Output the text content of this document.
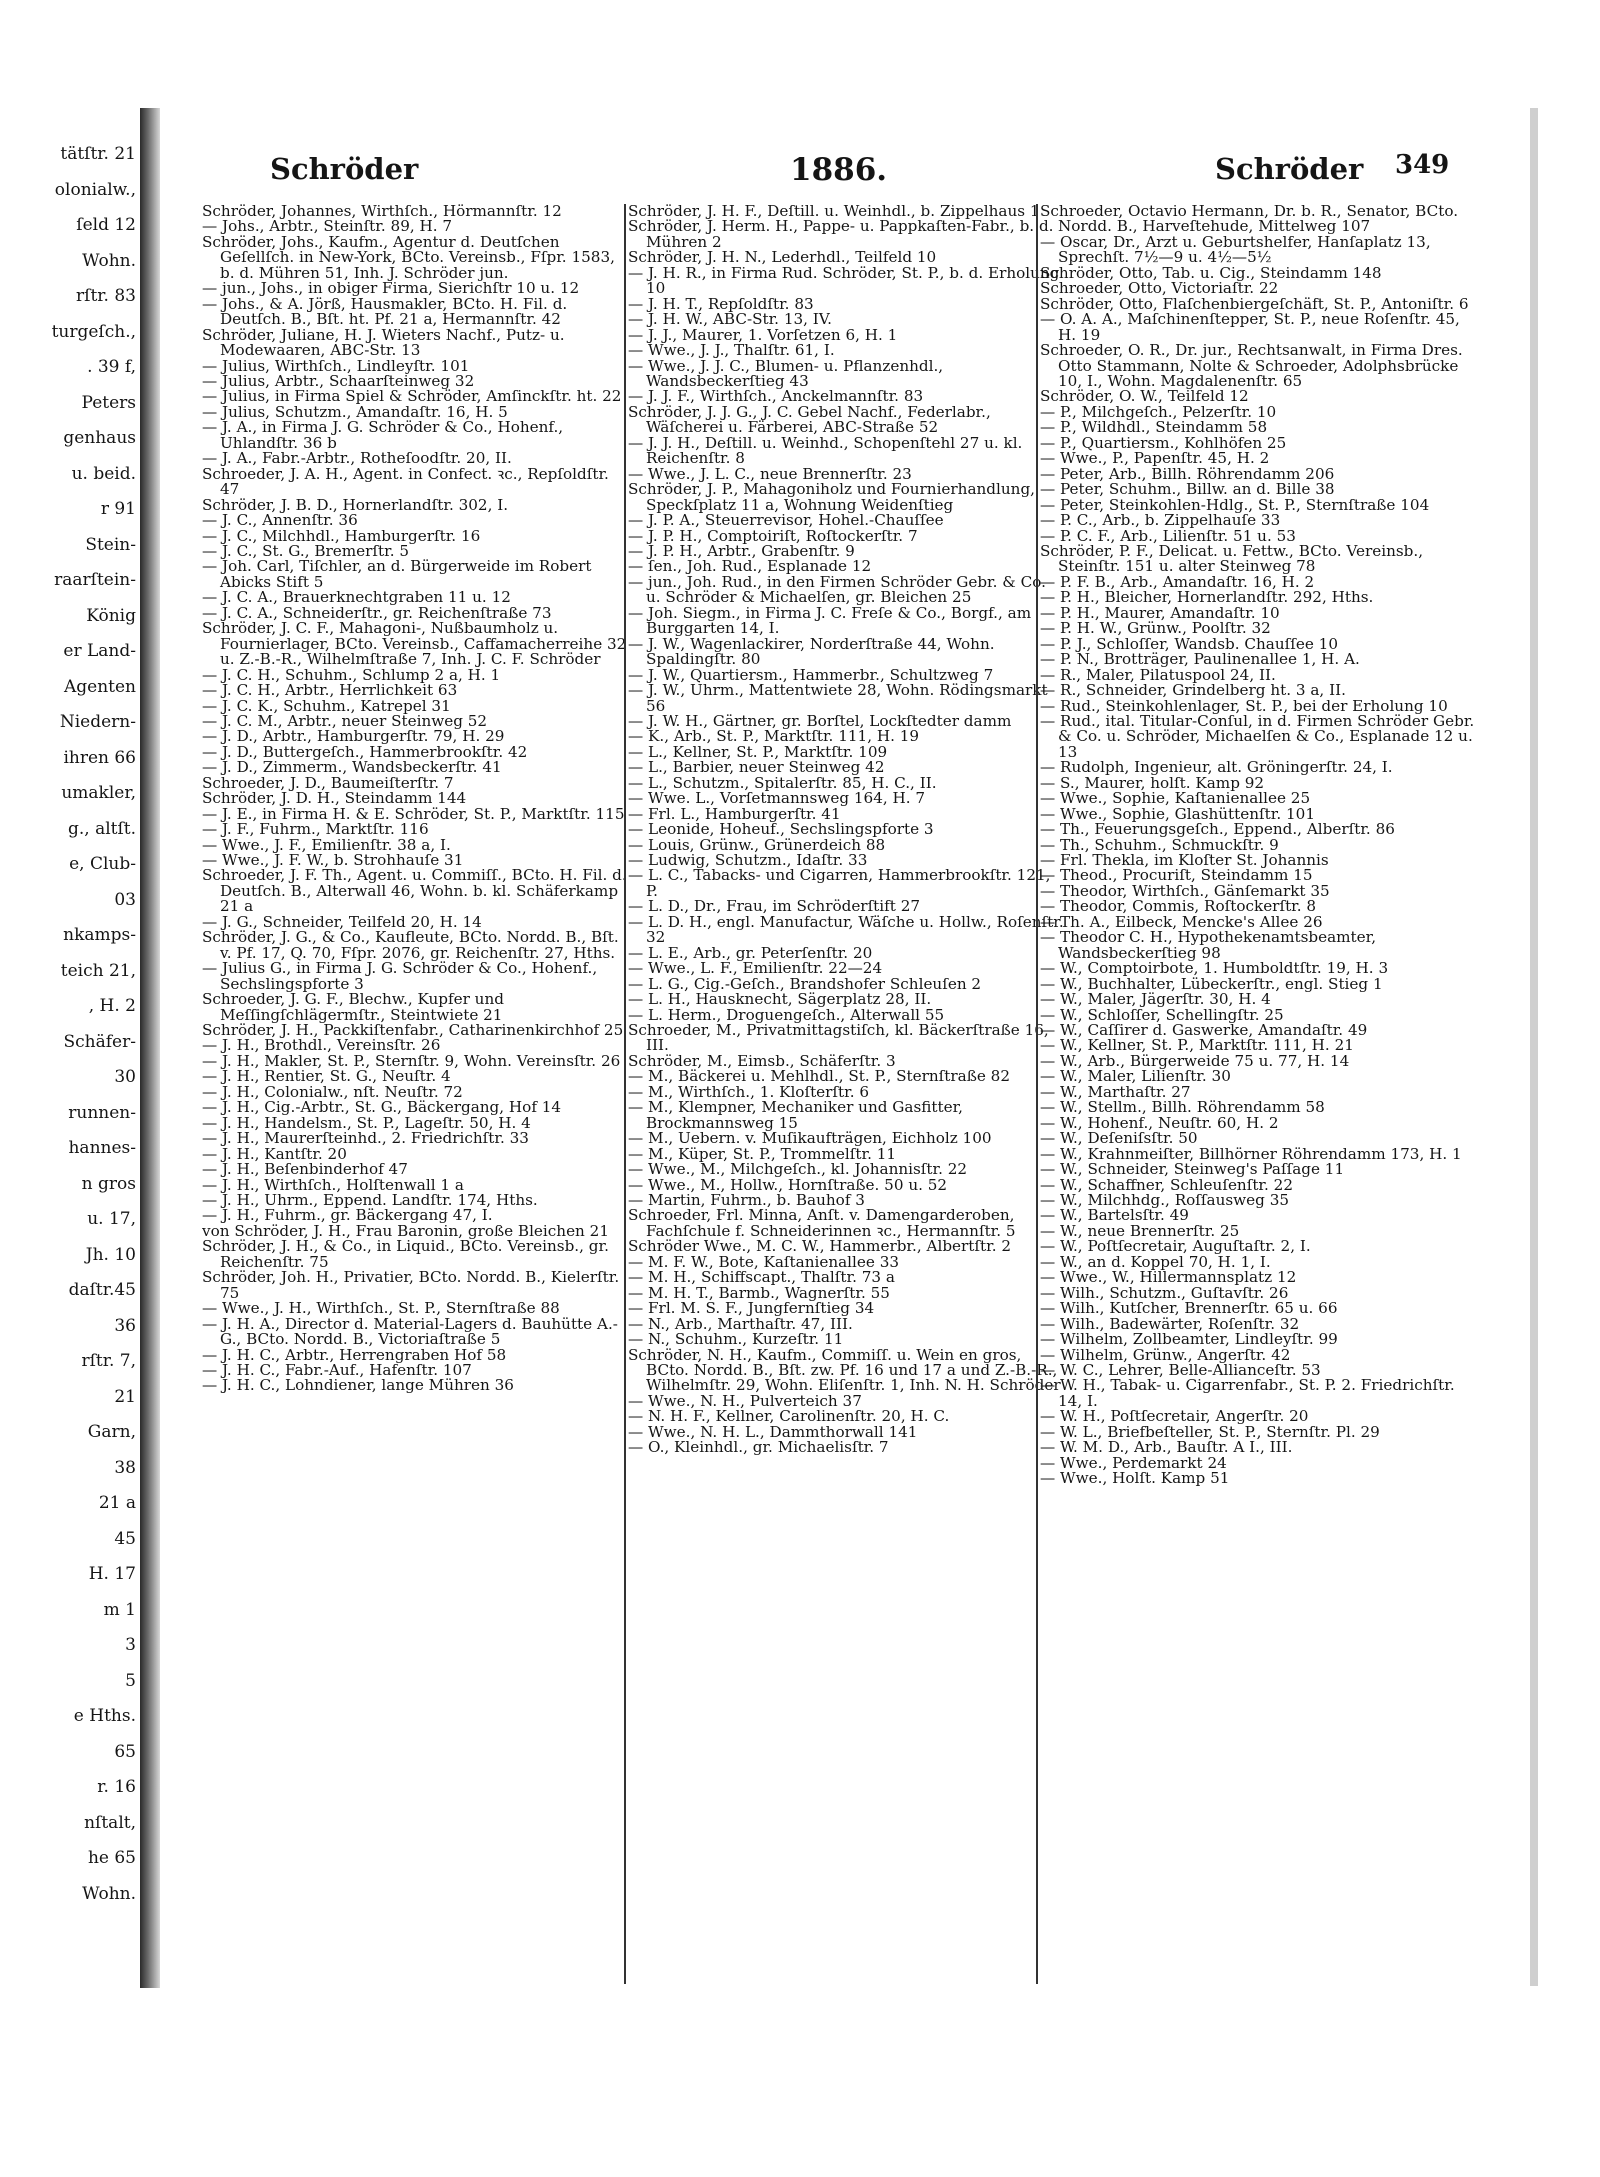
tätſtr. 21
olonialw.,
ſeld 12
Wohn.
rſtr. 83
turgeſch.,
. 39 f,
Peters
genhaus
u. beid.
r 91
Stein-
raarſtein-
König
er Land-
Agenten
Niedern-
ihren 66
umakler,
g., altſt.
e, Club-
03
nkamps-
teich 21,
, H. 2
Schäfer-
30
runnen-
hannes-
n gros
u. 17,
Jh. 10
daſtr.45
36
rſtr. 7,
21
Garn,
38
21 a
45
H. 17
m 1
3
5
e Hths.
65
r. 16
nſtalt,
he 65
Wohn.
Schröder	1886.	Schröder 349

Schröder, Johannes, Wirthſch., Hörmannſtr. 12

— Johs., Arbtr., Steinſtr. 89, H. 7

Schröder, Johs., Kaufm., Agentur d. Deutſchen Geſellſch. in New-York, BCto. Vereinsb., Fſpr. 1583, b. d. Mühren 51, Inh. J. Schröder jun.

— jun., Johs., in obiger Firma, Sierichſtr 10 u. 12

— Johs., & A. Jörß, Hausmakler, BCto. H. Fil. d. Deutſch. B., Bſt. ht. Pf. 21 a, Hermannſtr. 42

Schröder, Juliane, H. J. Wieters Nachf., Putz- u. Modewaaren, ABC-Str. 13

— Julius, Wirthſch., Lindleyſtr. 101

— Julius, Arbtr., Schaarſteinweg 32

— Julius, in Firma Spiel & Schröder, Amſinckſtr. ht. 22

— Julius, Schutzm., Amandaſtr. 16, H. 5

— J. A., in Firma J. G. Schröder & Co., Hohenf., Uhlandſtr. 36 b

— J. A., Fabr.-Arbtr., Rotheſoodſtr. 20, II.

Schroeder, J. A. H., Agent. in Confect. ꝛc., Repſoldſtr. 47

Schröder, J. B. D., Hornerlandſtr. 302, I.

— J. C., Annenſtr. 36

— J. C., Milchhdl., Hamburgerſtr. 16

— J. C., St. G., Bremerſtr. 5

— Joh. Carl, Tiſchler, an d. Bürgerweide im Robert Abicks Stift 5

— J. C. A., Brauerknechtgraben 11 u. 12

— J. C. A., Schneiderſtr., gr. Reichenſtraße 73

Schröder, J. C. F., Mahagoni-, Nußbaumholz u. Fournierlager, BCto. Vereinsb., Caffamacherreihe 32 u. Z.-B.-R., Wilhelmſtraße 7, Inh. J. C. F. Schröder

— J. C. H., Schuhm., Schlump 2 a, H. 1

— J. C. H., Arbtr., Herrlichkeit 63

— J. C. K., Schuhm., Katrepel 31

— J. C. M., Arbtr., neuer Steinweg 52

— J. D., Arbtr., Hamburgerſtr. 79, H. 29

— J. D., Buttergeſch., Hammerbrookſtr. 42

— J. D., Zimmerm., Wandsbeckerſtr. 41

Schroeder, J. D., Baumeiſterſtr. 7

Schröder, J. D. H., Steindamm 144

— J. E., in Firma H. & E. Schröder, St. P., Marktſtr. 115

— J. F., Fuhrm., Marktſtr. 116

— Wwe., J. F., Emilienſtr. 38 a, I.

— Wwe., J. F. W., b. Strohhauſe 31

Schroeder, J. F. Th., Agent. u. Commiſſ., BCto. H. Fil. d. Deutſch. B., Alterwall 46, Wohn. b. kl. Schäferkamp 21 a

— J. G., Schneider, Teilfeld 20, H. 14

Schröder, J. G., & Co., Kaufleute, BCto. Nordd. B., Bſt. v. Pf. 17, Q. 70, Fſpr. 2076, gr. Reichenſtr. 27, Hths.

— Julius G., in Firma J. G. Schröder & Co., Hohenf., Sechslingspforte 3

Schroeder, J. G. F., Blechw., Kupfer und Meſſingſchlägermſtr., Steintwiete 21

Schröder, J. H., Packkiſtenfabr., Catharinenkirchhof 25

— J. H., Brothdl., Vereinsſtr. 26

— J. H., Makler, St. P., Sternſtr. 9, Wohn. Vereinsſtr. 26

— J. H., Rentier, St. G., Neuſtr. 4

— J. H., Colonialw., nſt. Neuſtr. 72

— J. H., Cig.-Arbtr., St. G., Bäckergang, Hof 14

— J. H., Handelsm., St. P., Lageſtr. 50, H. 4

— J. H., Maurerſteinhd., 2. Friedrichſtr. 33

— J. H., Kantſtr. 20

— J. H., Beſenbinderhof 47

— J. H., Wirthſch., Holſtenwall 1 a

— J. H., Uhrm., Eppend. Landſtr. 174, Hths.

— J. H., Fuhrm., gr. Bäckergang 47, I.

von Schröder, J. H., Frau Baronin, große Bleichen 21

Schröder, J. H., & Co., in Liquid., BCto. Vereinsb., gr. Reichenſtr. 75

Schröder, Joh. H., Privatier, BCto. Nordd. B., Kielerſtr. 75

— Wwe., J. H., Wirthſch., St. P., Sternſtraße 88

— J. H. A., Director d. Material-Lagers d. Bauhütte A.-G., BCto. Nordd. B., Victoriaſtraße 5

— J. H. C., Arbtr., Herrengraben Hof 58

— J. H. C., Fabr.-Auf., Hafenſtr. 107

— J. H. C., Lohndiener, lange Mühren 36

Schröder, J. H. F., Deſtill. u. Weinhdl., b. Zippelhaus 1

Schröder, J. Herm. H., Pappe- u. Pappkaſten-Fabr., b. d. Mühren 2

Schröder, J. H. N., Lederhdl., Teilfeld 10

— J. H. R., in Firma Rud. Schröder, St. P., b. d. Erholung 10

— J. H. T., Repſoldſtr. 83

— J. H. W., ABC-Str. 13, IV.

— J. J., Maurer, 1. Vorſetzen 6, H. 1

— Wwe., J. J., Thalſtr. 61, I.

— Wwe., J. J. C., Blumen- u. Pflanzenhdl., Wandsbeckerſtieg 43

— J. J. F., Wirthſch., Anckelmannſtr. 83

Schröder, J. J. G., J. C. Gebel Nachf., Federlabr., Wäſcherei u. Färberei, ABC-Straße 52

— J. J. H., Deſtill. u. Weinhd., Schopenſtehl 27 u. kl. Reichenſtr. 8

— Wwe., J. L. C., neue Brennerſtr. 23

Schröder, J. P., Mahagoniholz und Fournierhandlung, Speckſplatz 11 a, Wohnung Weidenſtieg

— J. P. A., Steuerrevisor, Hohel.-Chauſſee

— J. P. H., Comptoiriſt, Roſtockerſtr. 7

— J. P. H., Arbtr., Grabenſtr. 9

— ſen., Joh. Rud., Esplanade 12

— jun., Joh. Rud., in den Firmen Schröder Gebr. & Co. u. Schröder & Michaelſen, gr. Bleichen 25

— Joh. Siegm., in Firma J. C. Freſe & Co., Borgf., am Burggarten 14, I.

— J. W., Wagenlackirer, Norderſtraße 44, Wohn. Spaldingſtr. 80

— J. W., Quartiersm., Hammerbr., Schultzweg 7

— J. W., Uhrm., Mattentwiete 28, Wohn. Rödingsmarkt 56

— J. W. H., Gärtner, gr. Borſtel, Lockſtedter damm

— K., Arb., St. P., Marktſtr. 111, H. 19

— L., Kellner, St. P., Marktſtr. 109

— L., Barbier, neuer Steinweg 42

— L., Schutzm., Spitalerſtr. 85, H. C., II.

— Wwe. L., Vorſetmannsweg 164, H. 7

— Frl. L., Hamburgerſtr. 41

— Leonide, Hoheuf., Sechslingspforte 3

— Louis, Grünw., Grünerdeich 88

— Ludwig, Schutzm., Idaſtr. 33

— L. C., Tabacks- und Cigarren, Hammerbrookſtr. 121, P.

— L. D., Dr., Frau, im Schröderſtift 27

— L. D. H., engl. Manufactur, Wäſche u. Hollw., Roſenſtr. 32

— L. E., Arb., gr. Peterſenſtr. 20

— Wwe., L. F., Emilienſtr. 22—24

— L. G., Cig.-Geſch., Brandshofer Schleuſen 2

— L. H., Hausknecht, Sägerplatz 28, II.

— L. Herm., Droguengeſch., Alterwall 55

Schroeder, M., Privatmittagstiſch, kl. Bäckerſtraße 16, III.

Schröder, M., Eimsb., Schäferſtr. 3

— M., Bäckerei u. Mehlhdl., St. P., Sternſtraße 82

— M., Wirthſch., 1. Kloſterſtr. 6

— M., Klempner, Mechaniker und Gasfitter, Brockmannsweg 15

— M., Uebern. v. Muſikaufträgen, Eichholz 100

— M., Küper, St. P., Trommelſtr. 11

— Wwe., M., Milchgeſch., kl. Johannisſtr. 22

— Wwe., M., Hollw., Hornſtraße. 50 u. 52

— Martin, Fuhrm., b. Bauhof 3

Schroeder, Frl. Minna, Anſt. v. Damengarderoben, Fachſchule f. Schneiderinnen ꝛc., Hermannſtr. 5

Schröder Wwe., M. C. W., Hammerbr., Albertſtr. 2

— M. F. W., Bote, Kaſtanienallee 33

— M. H., Schiffscapt., Thalſtr. 73 a

— M. H. T., Barmb., Wagnerſtr. 55

— Frl. M. S. F., Jungfernſtieg 34

— N., Arb., Marthaſtr. 47, III.

— N., Schuhm., Kurzeſtr. 11

Schröder, N. H., Kaufm., Commiſſ. u. Wein en gros, BCto. Nordd. B., Bſt. zw. Pf. 16 und 17 a und Z.-B.-R., Wilhelmſtr. 29, Wohn. Eliſenſtr. 1, Inh. N. H. Schröder

— Wwe., N. H., Pulverteich 37

— N. H. F., Kellner, Carolinenſtr. 20, H. C.

— Wwe., N. H. L., Dammthorwall 141

— O., Kleinhdl., gr. Michaelisſtr. 7

Schroeder, Octavio Hermann, Dr. b. R., Senator, BCto. Nordd. B., Harveſtehude, Mittelweg 107

— Oscar, Dr., Arzt u. Geburtshelfer, Hanſaplatz 13, Sprechſt. 7½—9 u. 4½—5½

Schröder, Otto, Tab. u. Cig., Steindamm 148

Schroeder, Otto, Victoriaſtr. 22

Schröder, Otto, Flaſchenbiergeſchäft, St. P., Antoniſtr. 6

— O. A. A., Maſchinenſtepper, St. P., neue Roſenſtr. 45, H. 19

Schroeder, O. R., Dr. jur., Rechtsanwalt, in Firma Dres. Otto Stammann, Nolte & Schroeder, Adolphsbrücke 10, I., Wohn. Magdalenenſtr. 65

Schröder, O. W., Teilfeld 12

— P., Milchgeſch., Pelzerſtr. 10

— P., Wildhdl., Steindamm 58

— P., Quartiersm., Kohlhöfen 25

— Wwe., P., Papenſtr. 45, H. 2

— Peter, Arb., Billh. Röhrendamm 206

— Peter, Schuhm., Billw. an d. Bille 38

— Peter, Steinkohlen-Hdlg., St. P., Sternſtraße 104

— P. C., Arb., b. Zippelhauſe 33

— P. C. F., Arb., Lilienſtr. 51 u. 53

Schröder, P. F., Delicat. u. Fettw., BCto. Vereinsb., Steinſtr. 151 u. alter Steinweg 78

— P. F. B., Arb., Amandaſtr. 16, H. 2

— P. H., Bleicher, Hornerlandſtr. 292, Hths.

— P. H., Maurer, Amandaſtr. 10

— P. H. W., Grünw., Poolſtr. 32

— P. J., Schloſſer, Wandsb. Chauſſee 10

— P. N., Brotträger, Paulinenallee 1, H. A.

— R., Maler, Pilatuspool 24, II.

— R., Schneider, Grindelberg ht. 3 a, II.

— Rud., Steinkohlenlager, St. P., bei der Erholung 10

— Rud., ital. Titular-Conſul, in d. Firmen Schröder Gebr. & Co. u. Schröder, Michaelſen & Co., Esplanade 12 u. 13

— Rudolph, Ingenieur, alt. Gröningerſtr. 24, I.

— S., Maurer, holſt. Kamp 92

— Wwe., Sophie, Kaſtanienallee 25

— Wwe., Sophie, Glashüttenſtr. 101

— Th., Feuerungsgeſch., Eppend., Alberſtr. 86

— Th., Schuhm., Schmuckſtr. 9

— Frl. Thekla, im Kloſter St. Johannis

— Theod., Procuriſt, Steindamm 15

— Theodor, Wirthſch., Gänſemarkt 35

— Theodor, Commis, Roſtockerſtr. 8

— Th. A., Eilbeck, Mencke's Allee 26

— Theodor C. H., Hypothekenamtsbeamter, Wandsbeckerſtieg 98

— W., Comptoirbote, 1. Humboldtſtr. 19, H. 3

— W., Buchhalter, Lübeckerſtr., engl. Stieg 1

— W., Maler, Jägerſtr. 30, H. 4

— W., Schloſſer, Schellingſtr. 25

— W., Caſſirer d. Gaswerke, Amandaſtr. 49

— W., Kellner, St. P., Marktſtr. 111, H. 21

— W., Arb., Bürgerweide 75 u. 77, H. 14

— W., Maler, Lilienſtr. 30

— W., Marthaſtr. 27

— W., Stellm., Billh. Röhrendamm 58

— W., Hohenf., Neuſtr. 60, H. 2

— W., Deſeniſsſtr. 50

— W., Krahnmeiſter, Billhörner Röhrendamm 173, H. 1

— W., Schneider, Steinweg's Paſſage 11

— W., Schaffner, Schleuſenſtr. 22

— W., Milchhdg., Roſſausweg 35

— W., Bartelsſtr. 49

— W., neue Brennerſtr. 25

— W., Poſtſecretair, Auguſtaſtr. 2, I.

— W., an d. Koppel 70, H. 1, I.

— Wwe., W., Hillermannsplatz 12

— Wilh., Schutzm., Guſtavſtr. 26

— Wilh., Kutſcher, Brennerſtr. 65 u. 66

— Wilh., Badewärter, Roſenſtr. 32

— Wilhelm, Zollbeamter, Lindleyſtr. 99

— Wilhelm, Grünw., Angerſtr. 42

— W. C., Lehrer, Belle-Allianceſtr. 53

— W. H., Tabak- u. Cigarrenfabr., St. P. 2. Friedrichſtr. 14, I.

— W. H., Poſtſecretair, Angerſtr. 20

— W. L., Briefbeſteller, St. P., Sternſtr. Pl. 29

— W. M. D., Arb., Bauſtr. A I., III.

— Wwe., Perdemarkt 24

— Wwe., Holſt. Kamp 51
